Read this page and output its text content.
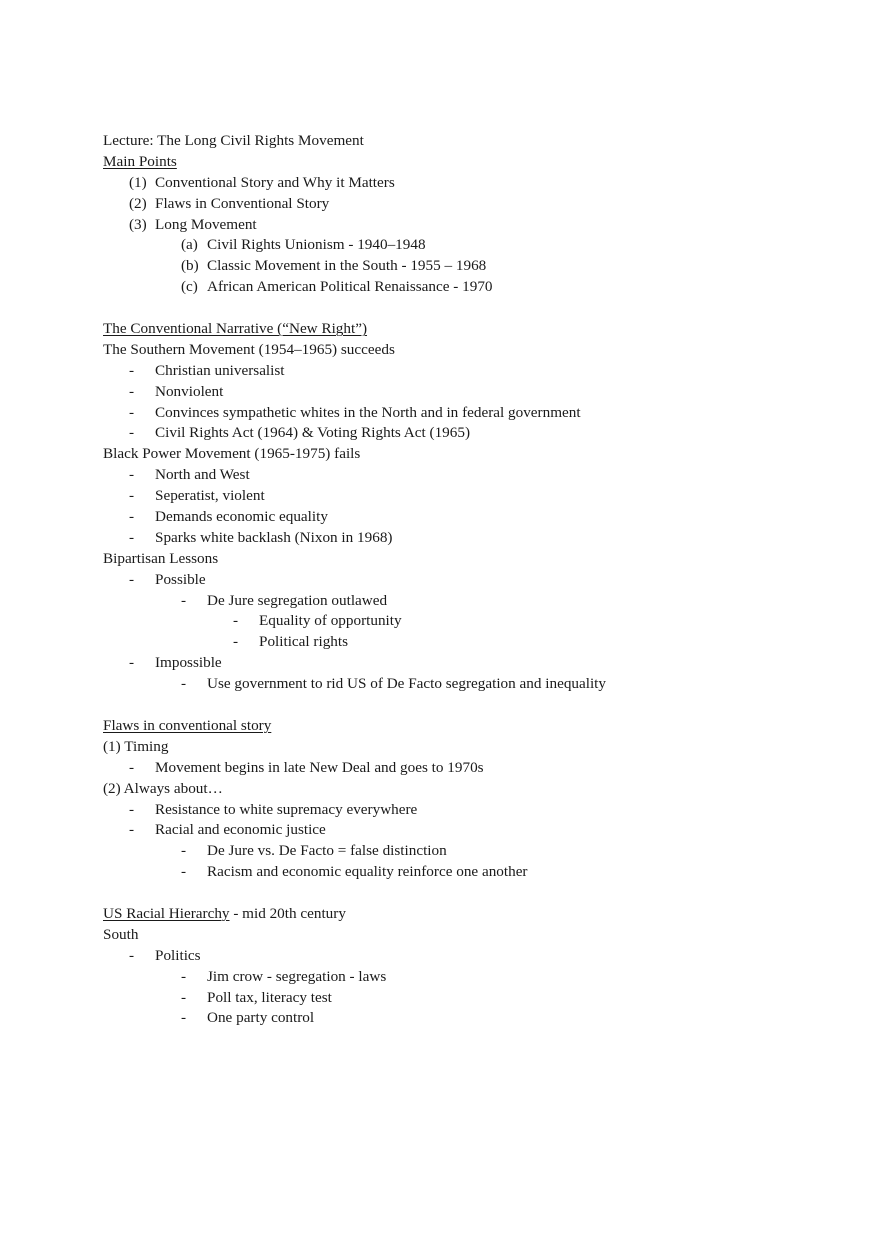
Lecture: The Long Civil Rights Movement
Main Points
(1) Conventional Story and Why it Matters
(2) Flaws in Conventional Story
(3) Long Movement
(a) Civil Rights Unionism - 1940–1948
(b) Classic Movement in the South - 1955 – 1968
(c) African American Political Renaissance - 1970
The Conventional Narrative (“New Right”)
The Southern Movement (1954–1965) succeeds
- Christian universalist
- Nonviolent
- Convinces sympathetic whites in the North and in federal government
- Civil Rights Act (1964) & Voting Rights Act (1965)
Black Power Movement (1965-1975) fails
- North and West
- Seperatist, violent
- Demands economic equality
- Sparks white backlash (Nixon in 1968)
Bipartisan Lessons
- Possible
- De Jure segregation outlawed
- Equality of opportunity
- Political rights
- Impossible
- Use government to rid US of De Facto segregation and inequality
Flaws in conventional story
(1) Timing
- Movement begins in late New Deal and goes to 1970s
(2) Always about…
- Resistance to white supremacy everywhere
- Racial and economic justice
- De Jure vs. De Facto = false distinction
- Racism and economic equality reinforce one another
US Racial Hierarchy - mid 20th century
South
- Politics
- Jim crow - segregation - laws
- Poll tax, literacy test
- One party control
